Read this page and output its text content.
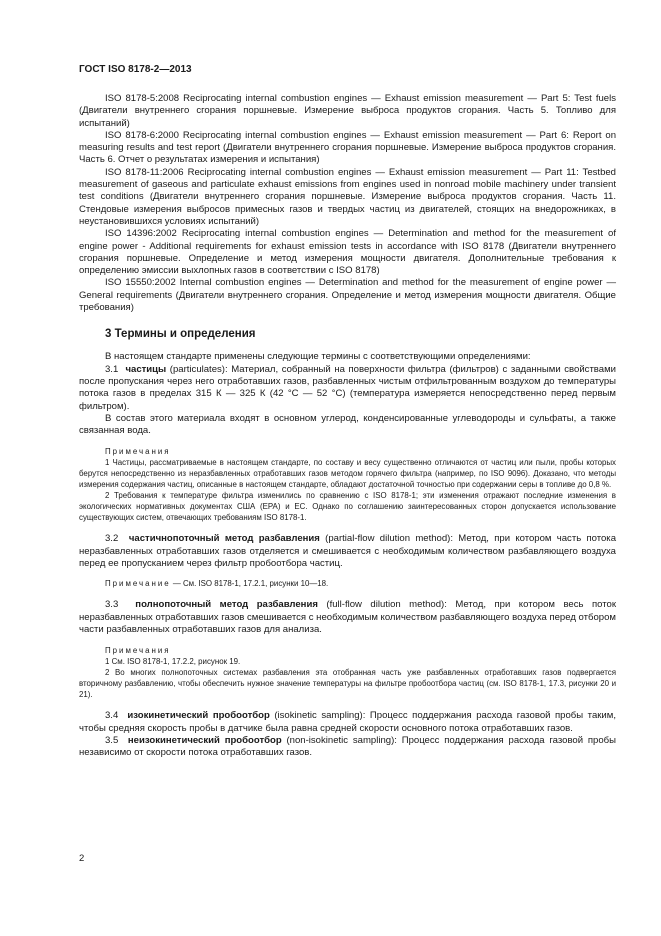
ГОСТ ISO 8178-2—2013

ISO 8178-5:2008 Reciprocating internal combustion engines — Exhaust emission measurement — Part 5: Test fuels (Двигатели внутреннего сгорания поршневые. Измерение выброса продуктов сгорания. Часть 5. Топливо для испытаний)

ISO 8178-6:2000 Reciprocating internal combustion engines — Exhaust emission measurement — Part 6: Report on measuring results and test report (Двигатели внутреннего сгорания поршневые. Измерение выброса продуктов сгорания. Часть 6. Отчет о результатах измерения и испытания)

ISO 8178-11:2006 Reciprocating internal combustion engines — Exhaust emission measurement — Part 11: Testbed measurement of gaseous and particulate exhaust emissions from engines used in nonroad mobile machinery under transient test conditions (Двигатели внутреннего сгорания поршневые. Измерение выброса продуктов сгорания. Часть 11. Стендовые измерения выбросов примесных газов и твердых частиц из двигателей, стоящих на внедорожниках, в неустановившихся условиях испытаний)

ISO 14396:2002 Reciprocating internal combustion engines — Determination and method for the measurement of engine power - Additional requirements for exhaust emission tests in accordance with ISO 8178 (Двигатели внутреннего сгорания поршневые. Определение и метод измерения мощности двигателя. Дополнительные требования к определению эмиссии выхлопных газов в соответствии с ISO 8178)

ISO 15550:2002 Internal combustion engines — Determination and method for the measurement of engine power — General requirements (Двигатели внутреннего сгорания. Определение и метод измерения мощности двигателя. Общие требования)

3 Термины и определения

В настоящем стандарте применены следующие термины с соответствующими определениями:

3.1 частицы (particulates): Материал, собранный на поверхности фильтра (фильтров) с заданными свойствами после пропускания через него отработавших газов, разбавленных чистым отфильтрованным воздухом до температуры потока газов в пределах 315 К — 325 К (42 °С — 52 °С) (температура измеряется непосредственно перед первым фильтром).

В состав этого материала входят в основном углерод, конденсированные углеводороды и сульфаты, а также связанная вода.

Примечания

1 Частицы, рассматриваемые в настоящем стандарте, по составу и весу существенно отличаются от частиц или пыли, пробы которых берутся непосредственно из неразбавленных отработавших газов методом горячего фильтра (например, по ISO 9096). Доказано, что методы измерения содержания частиц, описанные в настоящем стандарте, обладают достаточной точностью при содержании серы в топливе до 0,8 %.

2 Требования к температуре фильтра изменились по сравнению с ISO 8178-1; эти изменения отражают последние изменения в экологических нормативных документах США (EPA) и ЕС. Однако по соглашению заинтересованных сторон допускается использование существующих систем, отвечающих требованиям ISO 8178-1.

3.2 частичнопоточный метод разбавления (partial-flow dilution method): Метод, при котором часть потока неразбавленных отработавших газов отделяется и смешивается с необходимым количеством разбавляющего воздуха перед ее пропусканием через фильтр пробоотбора частиц.

Примечание — См. ISO 8178-1, 17.2.1, рисунки 10—18.

3.3 полнопоточный метод разбавления (full-flow dilution method): Метод, при котором весь поток неразбавленных отработавших газов смешивается с необходимым количеством разбавляющего воздуха перед отбором части разбавленных отработавших газов для анализа.

Примечания

1 См. ISO 8178-1, 17.2.2, рисунок 19.

2 Во многих полнопоточных системах разбавления эта отобранная часть уже разбавленных отработавших газов подвергается вторичному разбавлению, чтобы обеспечить нужное значение температуры на фильтре пробоотбора частиц (см. ISO 8178-1, 17.3, рисунки 20 и 21).

3.4 изокинетический пробоотбор (isokinetic sampling): Процесс поддержания расхода газовой пробы таким, чтобы средняя скорость пробы в датчике была равна средней скорости основного потока отработавших газов.

3.5 неизокинетический пробоотбор (non-isokinetic sampling): Процесс поддержания расхода газовой пробы независимо от скорости потока отработавших газов.

2
